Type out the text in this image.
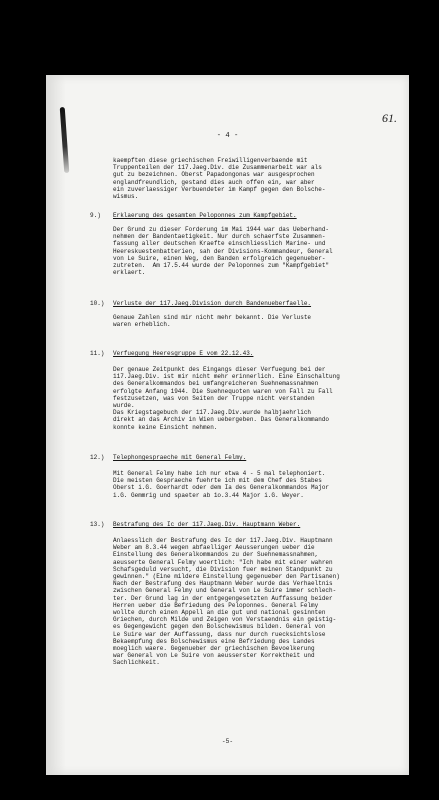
61.
- 4 -
kaempften diese griechischen Freiwilligenverbaende mit
Truppenteilen der 117.Jaeg.Div. die Zusammenarbeit war als
gut zu bezeichnen. Oberst Papadongonas war ausgesprochen
englandfreundlich, gestand dies auch offen ein, war aber
ein zuverlaessiger Verbuendeter im Kampf gegen den Bolsche-
wismus.
9.)	Erklaerung des gesamten Peloponnes zum Kampfgebiet.
Der Grund zu dieser Forderung im Mai 1944 war das Ueberhand-
nehmen der Bandentaetigkeit. Nur durch schaerfste Zusammen-
fassung aller deutschen Kraefte einschliesslich Marine- und
Heereskuestenbatterien, sah der Divisions-Kommandeur, General
von Le Suire, einen Weg, den Banden erfolgreich gegenueber-
zutreten.  Am 17.5.44 wurde der Peloponnes zum "Kampfgebiet"
erklaert.
10.)	Verluste der 117.Jaeg.Division durch Bandenueberfaelle.
Genaue Zahlen sind mir nicht mehr bekannt. Die Verluste
waren erheblich.
11.)	Verfuegung Heeresgruppe E vom 22.12.43.
Der genaue Zeitpunkt des Eingangs dieser Verfuegung bei der
117.Jaeg.Div. ist mir nicht mehr erinnerlich. Eine Einschaltung
des Generalkommandos bei umfangreicheren Suehnemassnahmen
erfolgte Anfang 1944. Die Suehnequoten waren von Fall zu Fall
festzusetzen, was von Seiten der Truppe nicht verstanden
wurde.
Das Kriegstagebuch der 117.Jaeg.Div.wurde halbjaehrlich
direkt an das Archiv in Wien uebergeben. Das Generalkommando
konnte keine Einsicht nehmen.
12.)	Telephongespraeche mit General Felmy.
Mit General Felmy habe ich nur etwa 4 - 5 mal telephoniert.
Die meisten Gespraeche fuehrte ich mit dem Chef des Stabes
Oberst i.G. Goerhardt oder dem Ia des Generalkommandos Major
i.G. Gemmrig und spaeter ab 1o.3.44 Major i.G. Weyer.
13.)	Bestrafung des Ic der 117.Jaeg.Div. Hauptmann Weber.
Anlaesslich der Bestrafung des Ic der 117.Jaeg.Div. Hauptmann
Weber am 8.3.44 wegen abfaelliger Aeusserungen ueber die
Einstellung des Generalkommandos zu der Suehnemassnahmen,
aeusserte General Felmy woertlich: "Ich habe mit einer wahren
Schafsgeduld versucht, die Division fuer meinen Standpunkt zu
gewinnen." (Eine mildere Einstellung gegenueber den Partisanen)
Nach der Bestrafung des Hauptmann Weber wurde das Verhaeltnis
zwischen General Felmy und General von Le Suire immer schlech-
ter. Der Grund lag in der entgegengesetzten Auffassung beider
Herren ueber die Befriedung des Peloponnes. General Felmy
wollte durch einen Appell an die gut und national gesinnten
Griechen, durch Milde und Zeigen von Verstaendnis ein geistig-
es Gegengewicht gegen den Bolschewismus bilden. General von
Le Suire war der Auffassung, dass nur durch ruecksichtslose
Bekaempfung des Bolschewismus eine Befriedung des Landes
moeglich waere. Gegenueber der griechischen Bevoelkerung
war General von Le Suire von aeusserster Korrektheit und
Sachlichkeit.
-5-
